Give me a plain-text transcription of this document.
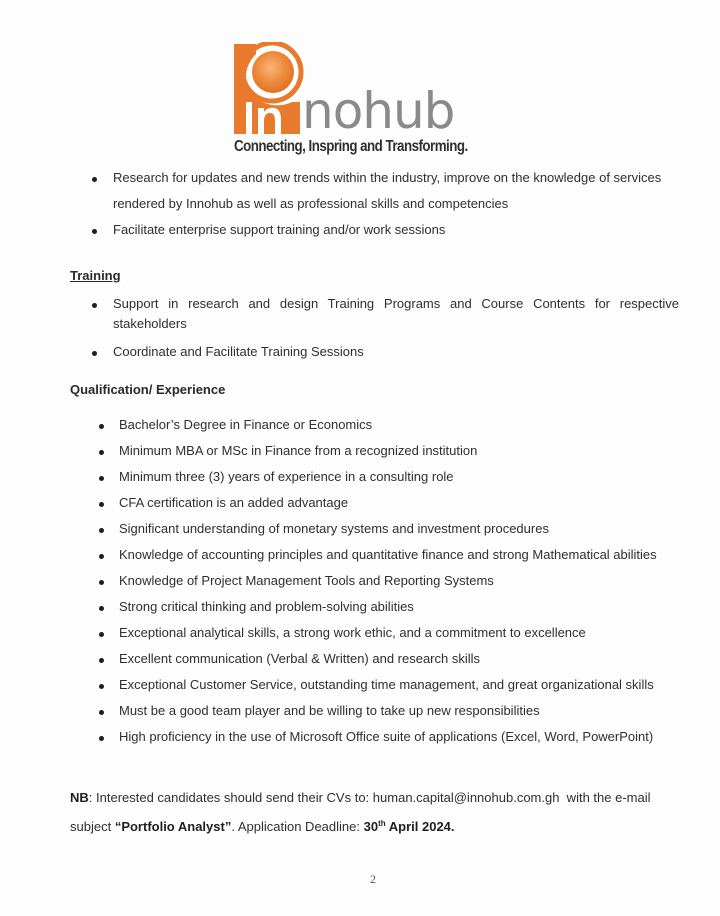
nohub
Connecting, Inspring and Transforming.
Research for updates and new trends within the industry, improve on the knowledge of services
rendered by Innohub as well as professional skills and competencies
Facilitate enterprise support training and/or work sessions
Training
Support in research and design Training Programs and Course Contents for respective
stakeholders
Coordinate and Facilitate Training Sessions
Qualification/ Experience
Bachelor’s Degree in Finance or Economics
Minimum MBA or MSc in Finance from a recognized institution
Minimum three (3) years of experience in a consulting role
CFA certification is an added advantage
Significant understanding of monetary systems and investment procedures
Knowledge of accounting principles and quantitative finance and strong Mathematical abilities
Knowledge of Project Management Tools and Reporting Systems
Strong critical thinking and problem-solving abilities
Exceptional analytical skills, a strong work ethic, and a commitment to excellence
Excellent communication (Verbal & Written) and research skills
Exceptional Customer Service, outstanding time management, and great organizational skills
Must be a good team player and be willing to take up new responsibilities
High proficiency in the use of Microsoft Office suite of applications (Excel, Word, PowerPoint)
NB: Interested candidates should send their CVs to: human.capital@innohub.com.gh  with the e-mail
subject “Portfolio Analyst”. Application Deadline: 30th April 2024.
2
